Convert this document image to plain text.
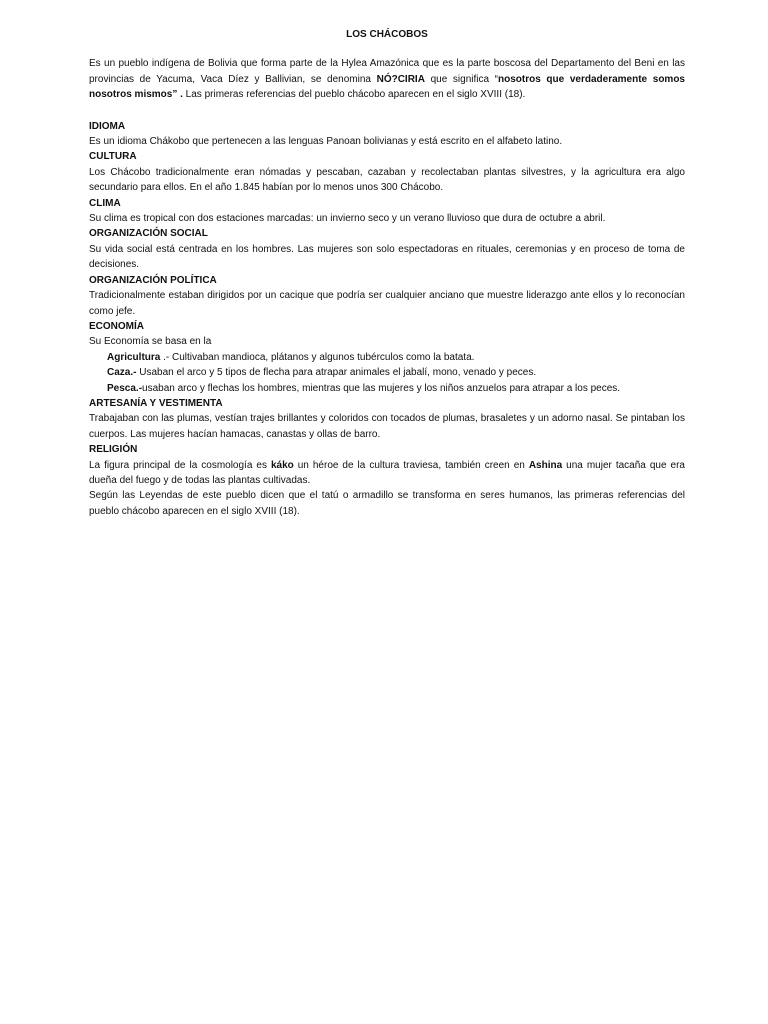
LOS CHÁCOBOS

Es un pueblo indígena de Bolivia que forma parte de la Hylea Amazónica que es la parte boscosa del Departamento del Beni en las provincias de Yacuma, Vaca Díez y Ballivian, se denomina NÓ?CIRIA que significa “nosotros que verdaderamente somos nosotros mismos” . Las primeras referencias del pueblo chácobo aparecen en el siglo XVIII (18).

IDIOMA

Es un idioma Chákobo que pertenecen a las lenguas Panoan bolivianas y está escrito en el alfabeto latino.

CULTURA

Los Chácobo tradicionalmente eran nómadas y pescaban, cazaban y recolectaban plantas silvestres, y la agricultura era algo secundario para ellos. En el año 1.845 habían por lo menos unos 300 Chácobo.

CLIMA

Su clima es tropical con dos estaciones marcadas: un invierno seco y un verano lluvioso que dura de octubre a abril.

ORGANIZACIÓN SOCIAL

Su vida social está centrada en los hombres. Las mujeres son solo espectadoras en rituales, ceremonias y en proceso de toma de decisiones.

ORGANIZACIÓN POLÍTICA

Tradicionalmente estaban dirigidos por un cacique que podría ser cualquier anciano que muestre liderazgo ante ellos y lo reconocían como jefe.

ECONOMÍA

Su Economía se basa en la

Agricultura .- Cultivaban mandioca, plátanos y algunos tubérculos como la batata.

Caza.- Usaban el arco y 5 tipos de flecha para atrapar animales el jabalí, mono, venado y peces.

Pesca.-usaban arco y flechas los hombres, mientras que las mujeres y los niños anzuelos para atrapar a los peces.

ARTESANÍA Y VESTIMENTA

Trabajaban con las plumas, vestían trajes brillantes y coloridos con tocados de plumas, brasaletes y un adorno nasal. Se pintaban los cuerpos. Las mujeres hacían hamacas, canastas y ollas de barro.

RELIGIÓN

La figura principal de la cosmología es káko un héroe de la cultura traviesa, también creen en Ashina una mujer tacaña que era dueña del fuego y de todas las plantas cultivadas.

Según las Leyendas de este pueblo dicen que el tatú o armadillo se transforma en seres humanos, las primeras referencias del pueblo chácobo aparecen en el siglo XVIII (18).
